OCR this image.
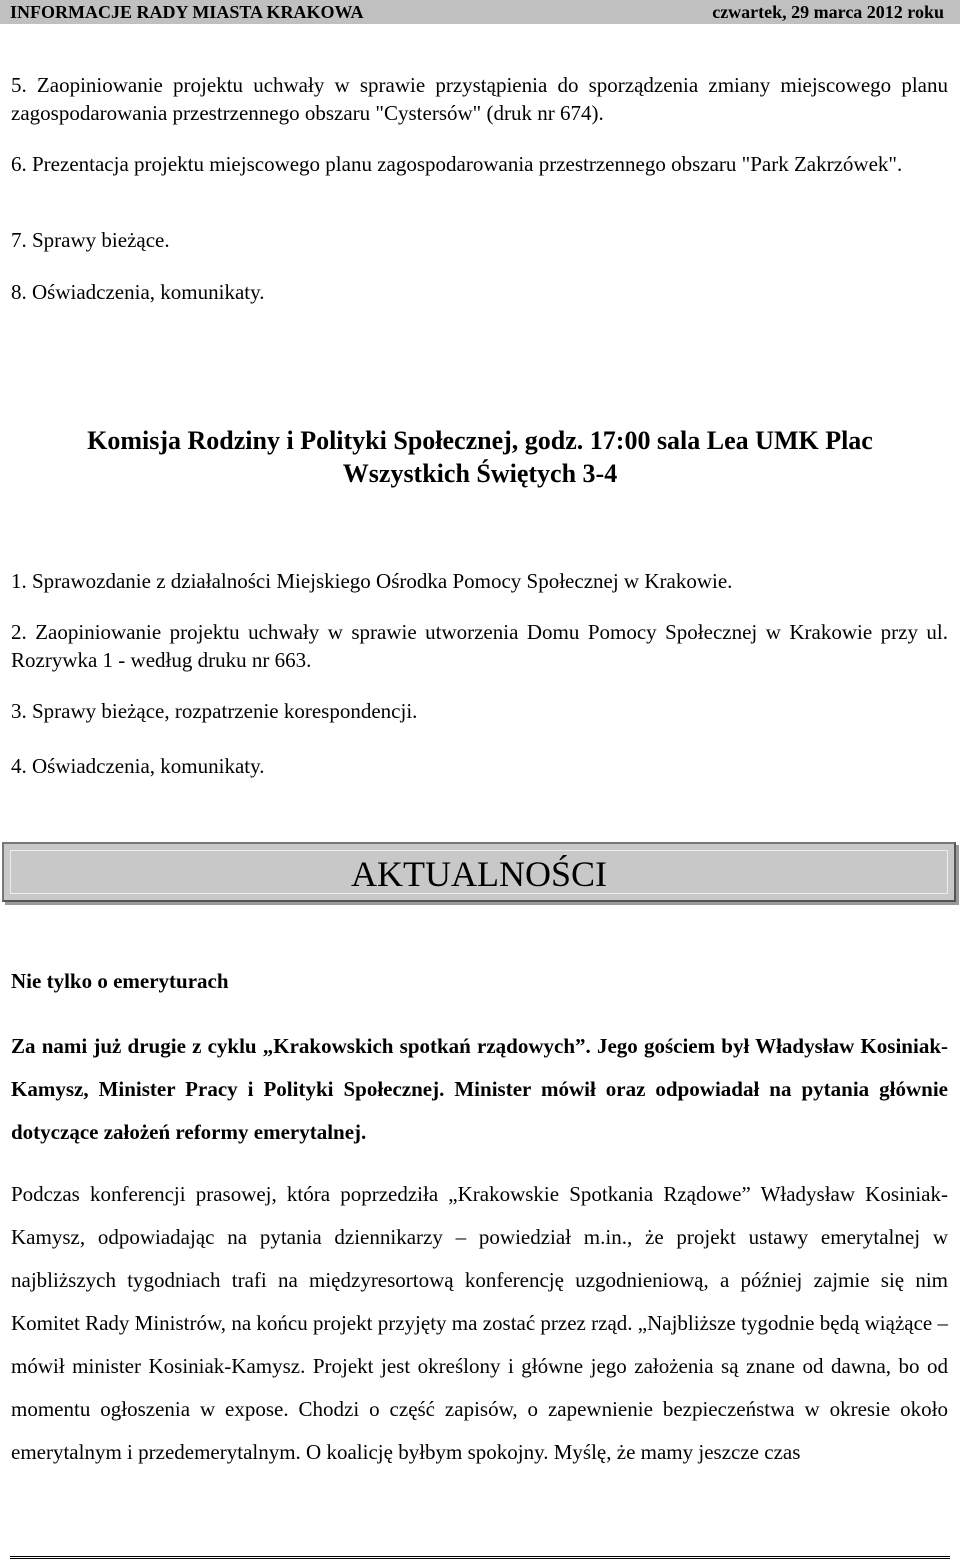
INFORMACJE RADY MIASTA KRAKOWA	czwartek, 29 marca 2012 roku
5. Zaopiniowanie projektu uchwały w sprawie przystąpienia do sporządzenia zmiany miejscowego planu zagospodarowania przestrzennego obszaru "Cystersów" (druk nr 674).
6. Prezentacja projektu miejscowego planu zagospodarowania przestrzennego obszaru "Park Zakrzówek".
7. Sprawy bieżące.
8. Oświadczenia, komunikaty.
Komisja Rodziny i Polityki Społecznej, godz. 17:00 sala Lea UMK Plac
Wszystkich Świętych 3-4
1. Sprawozdanie z działalności Miejskiego Ośrodka Pomocy Społecznej w Krakowie.
2. Zaopiniowanie projektu uchwały w sprawie utworzenia Domu Pomocy Społecznej w Krakowie przy ul. Rozrywka 1 - według druku nr 663.
3. Sprawy bieżące, rozpatrzenie korespondencji.
4. Oświadczenia, komunikaty.
AKTUALNOŚCI
Nie tylko o emeryturach
Za nami już drugie z cyklu „Krakowskich spotkań rządowych”. Jego gościem był Władysław Kosiniak-Kamysz, Minister Pracy i Polityki Społecznej. Minister mówił oraz odpowiadał na pytania głównie dotyczące założeń reformy emerytalnej.
Podczas konferencji prasowej, która poprzedziła „Krakowskie Spotkania Rządowe” Władysław Kosiniak-Kamysz, odpowiadając na pytania dziennikarzy – powiedział m.in., że projekt ustawy emerytalnej w najbliższych tygodniach trafi na międzyresortową konferencję uzgodnieniową, a później zajmie się nim Komitet Rady Ministrów, na końcu projekt przyjęty ma zostać przez rząd. „Najbliższe tygodnie będą wiążące – mówił minister Kosiniak-Kamysz. Projekt jest określony i główne jego założenia są znane od dawna, bo od momentu ogłoszenia w expose. Chodzi o część zapisów, o zapewnienie bezpieczeństwa w okresie około emerytalnym i przedemerytalnym. O koalicję byłbym spokojny. Myślę, że mamy jeszcze czas
